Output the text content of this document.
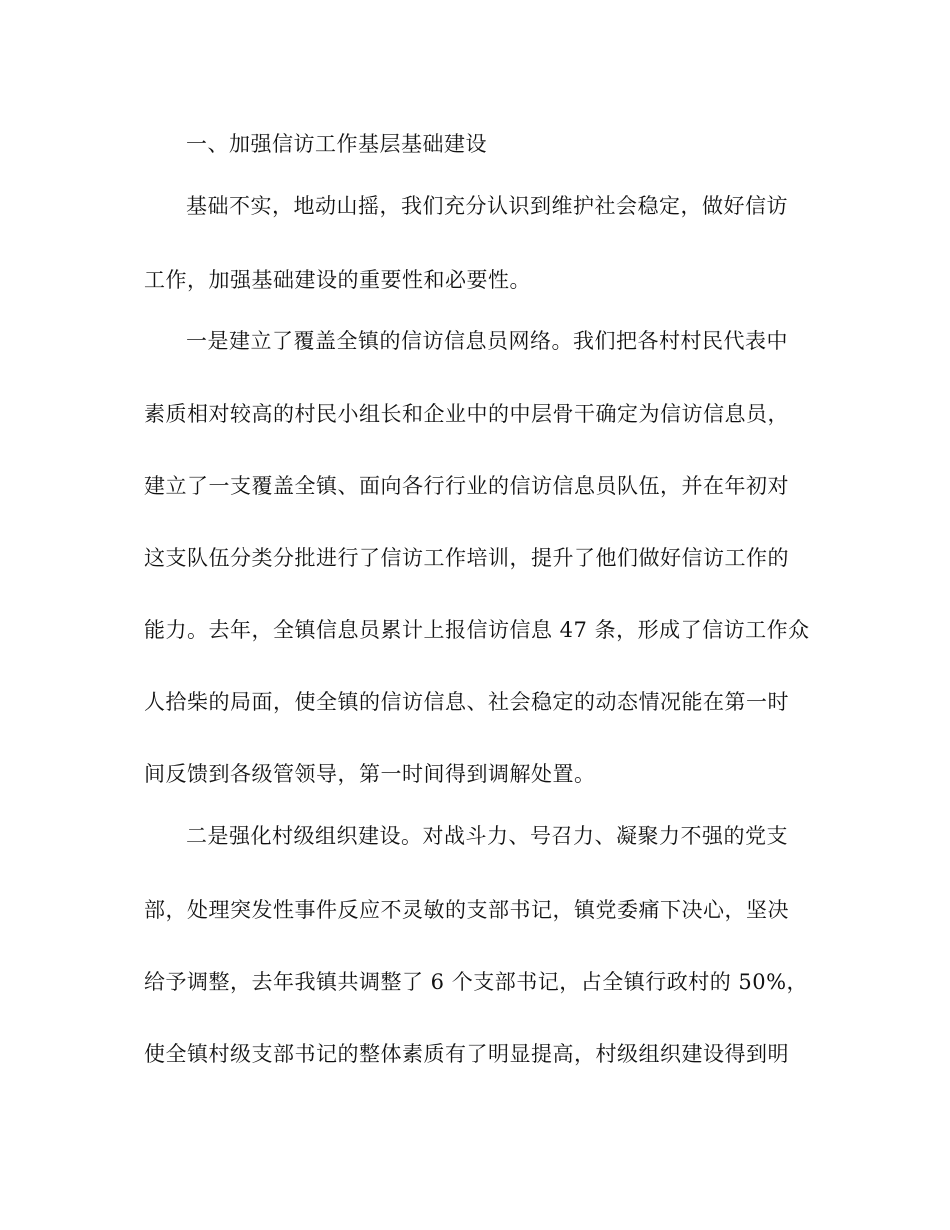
一、加强信访工作基层基础建设
基础不实，地动山摇，我们充分认识到维护社会稳定，做好信访
工作，加强基础建设的重要性和必要性。
一是建立了覆盖全镇的信访信息员网络。我们把各村村民代表中
素质相对较高的村民小组长和企业中的中层骨干确定为信访信息员，
建立了一支覆盖全镇、面向各行行业的信访信息员队伍，并在年初对
这支队伍分类分批进行了信访工作培训，提升了他们做好信访工作的
能力。去年，全镇信息员累计上报信访信息 47 条，形成了信访工作众
人拾柴的局面，使全镇的信访信息、社会稳定的动态情况能在第一时
间反馈到各级管领导，第一时间得到调解处置。
二是强化村级组织建设。对战斗力、号召力、凝聚力不强的党支
部，处理突发性事件反应不灵敏的支部书记，镇党委痛下决心，坚决
给予调整，去年我镇共调整了 6 个支部书记，占全镇行政村的 50%，
使全镇村级支部书记的整体素质有了明显提高，村级组织建设得到明
